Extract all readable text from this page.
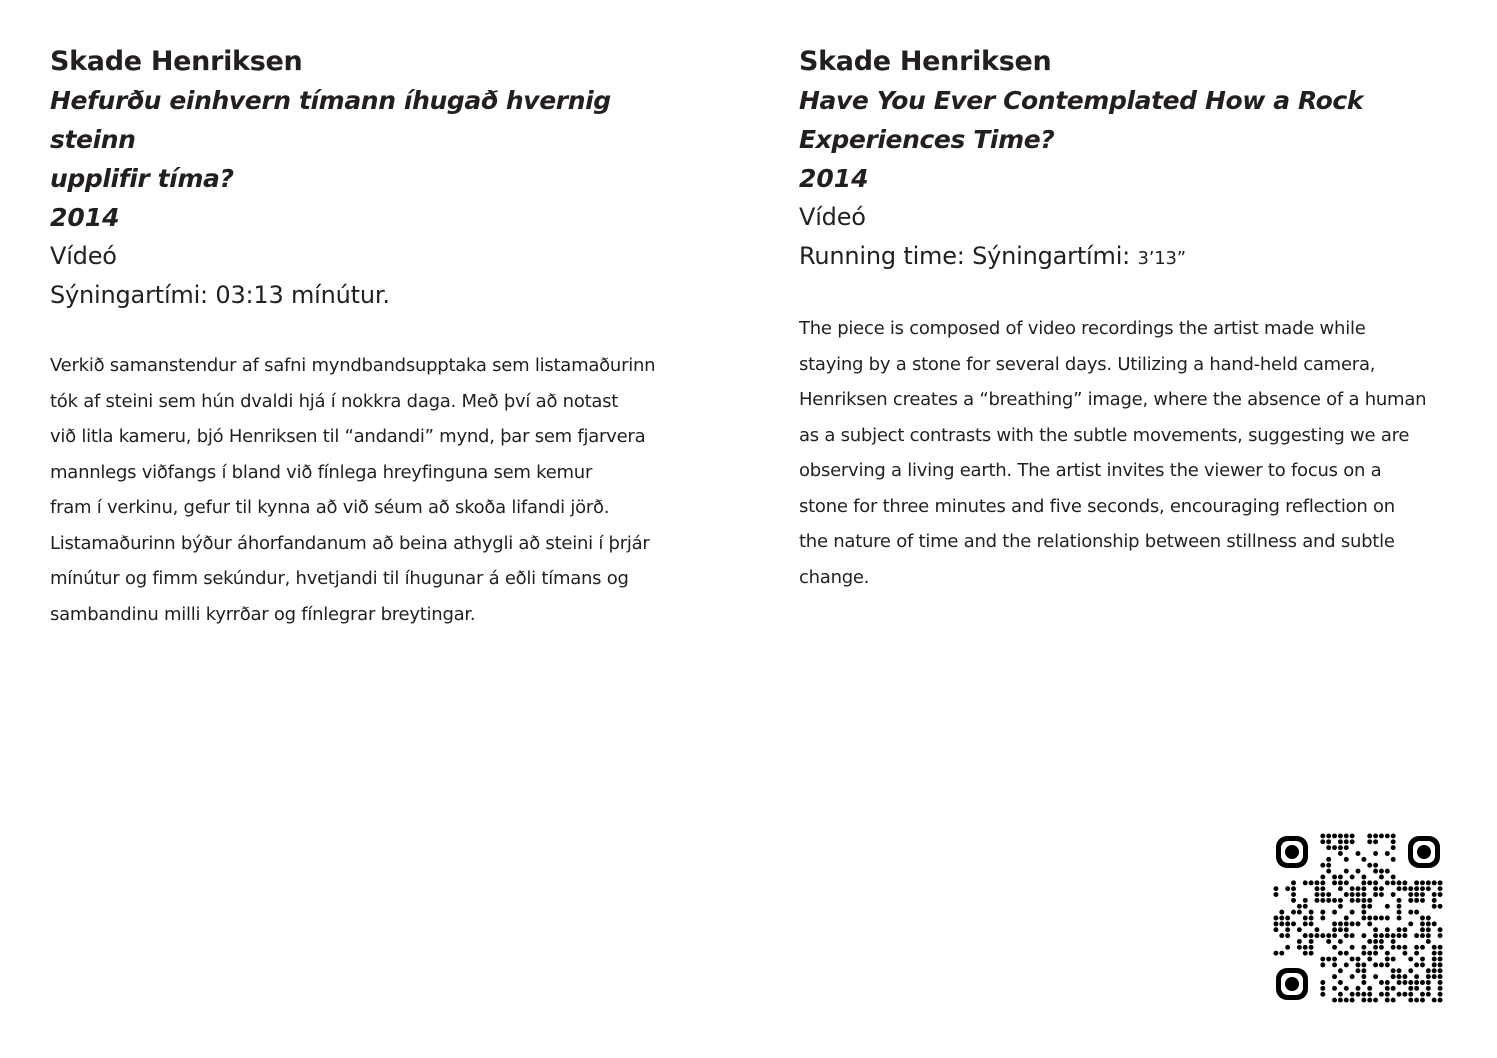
Skade Henriksen
Hefurðu einhvern tímann íhugað hvernig steinn
upplifir tíma?
2014
Vídeó
Sýningartími: 03:13 mínútur.
Verkið samanstendur af safni myndbandsupptaka sem listamaðurinn
tók af steini sem hún dvaldi hjá í nokkra daga. Með því að notast
við litla kameru, bjó Henriksen til “andandi” mynd, þar sem fjarvera
mannlegs viðfangs í bland við fínlega hreyfinguna sem kemur
fram í verkinu, gefur til kynna að við séum að skoða lifandi jörð.
Listamaðurinn býður áhorfandanum að beina athygli að steini í þrjár
mínútur og fimm sekúndur, hvetjandi til íhugunar á eðli tímans og
sambandinu milli kyrrðar og fínlegrar breytingar.
Skade Henriksen
Have You Ever Contemplated How a Rock
Experiences Time?
2014
Vídeó
Running time: Sýningartími: 3’13”
The piece is composed of video recordings the artist made while
staying by a stone for several days. Utilizing a hand-held camera,
Henriksen creates a “breathing” image, where the absence of a human
as a subject contrasts with the subtle movements, suggesting we are
observing a living earth. The artist invites the viewer to focus on a
stone for three minutes and five seconds, encouraging reflection on
the nature of time and the relationship between stillness and subtle
change.
